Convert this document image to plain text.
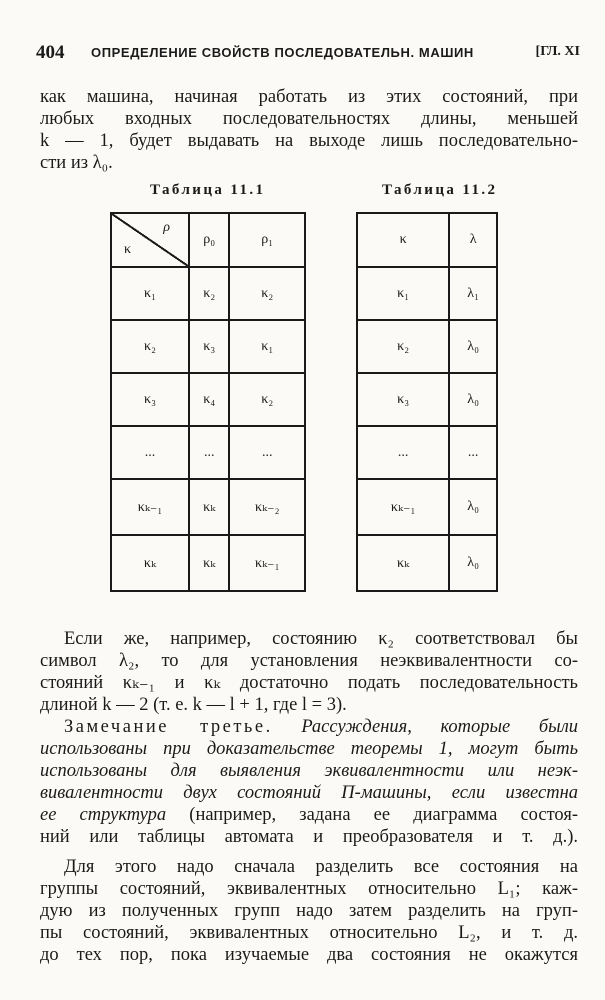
404 ОПРЕДЕЛЕНИЕ СВОЙСТВ ПОСЛЕДОВАТЕЛЬН. МАШИН	[ГЛ. XI
как машина, начиная работать из этих состояний, при
любых входных последовательностях длины, меньшей
k — 1, будет выдавать на выходе лишь последовательно-
сти из λ₀.
Таблица 11.1	Таблица 11.2
ρ
κ	ρ₀	ρ₁
κ₁	κ₂	κ₂
κ₂	κ₃	κ₁
κ₃	κ₄	κ₂
...	...	...
κₖ₋₁	κₖ	κₖ₋₂
κₖ	κₖ	κₖ₋₁
κ	λ
κ₁	λ₁
κ₂	λ₀
κ₃	λ₀
...	...
κₖ₋₁	λ₀
κₖ	λ₀
Если же, например, состоянию κ₂ соответствовал бы
символ λ₂, то для установления неэквивалентности со-
стояний κₖ₋₁ и κₖ достаточно подать последовательность
длиной k — 2 (т. е. k — l + 1, где l = 3).
Замечание третье. Рассуждения, которые были
использованы при доказательстве теоремы 1, могут быть
использованы для выявления эквивалентности или неэк-
вивалентности двух состояний П-машины, если известна
ее структура (например, задана ее диаграмма состоя-
ний или таблицы автомата и преобразователя и т. д.).
Для этого надо сначала разделить все состояния на
группы состояний, эквивалентных относительно L₁; каж-
дую из полученных групп надо затем разделить на груп-
пы состояний, эквивалентных относительно L₂, и т. д.
до тех пор, пока изучаемые два состояния не окажутся
